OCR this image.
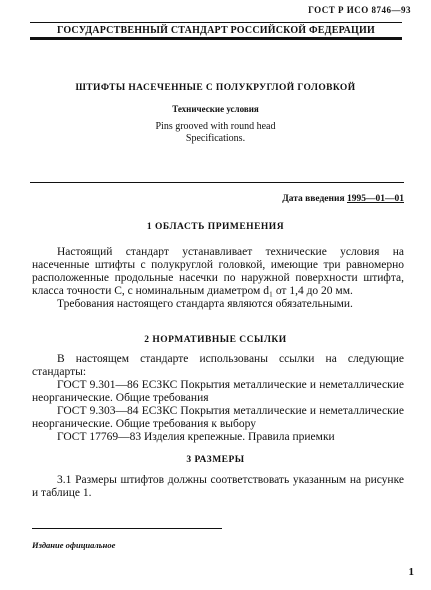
ГОСТ Р ИСО 8746—93
ГОСУДАРСТВЕННЫЙ СТАНДАРТ РОССИЙСКОЙ ФЕДЕРАЦИИ
ШТИФТЫ НАСЕЧЕННЫЕ С ПОЛУКРУГЛОЙ ГОЛОВКОЙ
Технические условия
Pins grooved with round head
Specifications.
Дата введения 1995—01—01
1 ОБЛАСТЬ ПРИМЕНЕНИЯ

Настоящий стандарт устанавливает технические условия на насеченные штифты с полукруглой головкой, имеющие три равномерно расположенные продольные насечки по наружной поверхности штифта, класса точности С, с номинальным диаметром d₁ от 1,4 до 20 мм.

Требования настоящего стандарта являются обязательными.

2 НОРМАТИВНЫЕ ССЫЛКИ

В настоящем стандарте использованы ссылки на следующие стандарты:

ГОСТ 9.301—86 ЕСЗКС Покрытия металлические и неметаллические неорганические. Общие требования

ГОСТ 9.303—84 ЕСЗКС Покрытия металлические и неметаллические неорганические. Общие требования к выбору

ГОСТ 17769—83 Изделия крепежные. Правила приемки

3 РАЗМЕРЫ

3.1 Размеры штифтов должны соответствовать указанным на рисунке и таблице 1.

Издание официальное
1
